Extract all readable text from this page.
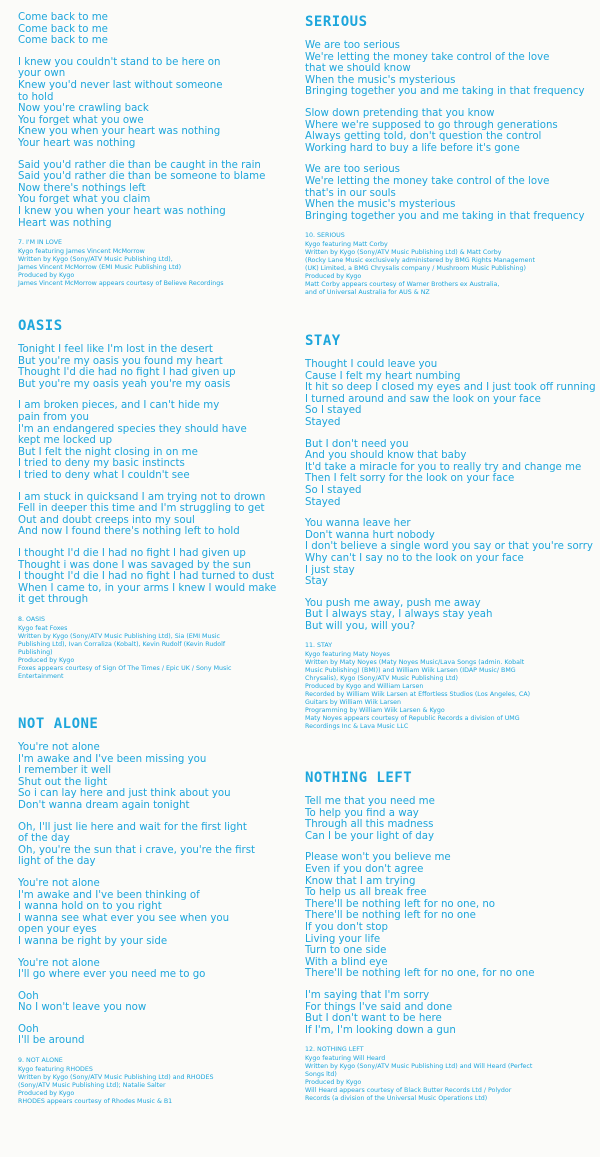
Come back to me
Come back to me
Come back to me
I knew you couldn't stand to be here on
your own
Knew you'd never last without someone
to hold
Now you're crawling back
You forget what you owe
Knew you when your heart was nothing
Your heart was nothing
Said you'd rather die than be caught in the rain
Said you'd rather die than be someone to blame
Now there's nothings left
You forget what you claim
I knew you when your heart was nothing
Heart was nothing
7. I'M IN LOVE
Kygo featuring James Vincent McMorrow
Written by Kygo (Sony/ATV Music Publishing Ltd),
James Vincent McMorrow (EMI Music Publishing Ltd)
Produced by Kygo
James Vincent McMorrow appears courtesy of Believe Recordings
OASIS
Tonight I feel like I'm lost in the desert
But you're my oasis you found my heart
Thought I'd die had no fight I had given up
But you're my oasis yeah you're my oasis
I am broken pieces, and I can't hide my
pain from you
I'm an endangered species they should have
kept me locked up
But I felt the night closing in on me
I tried to deny my basic instincts
I tried to deny what I couldn't see
I am stuck in quicksand I am trying not to drown
Fell in deeper this time and I'm struggling to get
Out and doubt creeps into my soul
And now I found there's nothing left to hold
I thought I'd die I had no fight I had given up
Thought i was done I was savaged by the sun
I thought I'd die I had no fight I had turned to dust
When I came to, in your arms I knew I would make
it get through
8. OASIS
Kygo feat Foxes
Written by Kygo (Sony/ATV Music Publishing Ltd), Sia (EMI Music
Publishing Ltd), Ivan Corraliza (Kobalt), Kevin Rudolf (Kevin Rudolf
Publishing)
Produced by Kygo
Foxes appears courtesy of Sign Of The Times / Epic UK / Sony Music
Entertainment
NOT ALONE
You're not alone
I'm awake and I've been missing you
I remember it well
Shut out the light
So i can lay here and just think about you
Don't wanna dream again tonight
Oh, I'll just lie here and wait for the first light
of the day
Oh, you're the sun that i crave, you're the first
light of the day
You're not alone
I'm awake and I've been thinking of
I wanna hold on to you right
I wanna see what ever you see when you
open your eyes
I wanna be right by your side
You're not alone
I'll go where ever you need me to go
Ooh
No I won't leave you now
Ooh
I'll be around
9. NOT ALONE
Kygo featuring RHODES
Written by Kygo (Sony/ATV Music Publishing Ltd) and RHODES
(Sony/ATV Music Publishing Ltd); Natalie Salter
Produced by Kygo
RHODES appears courtesy of Rhodes Music & B1
SERIOUS
We are too serious
We're letting the money take control of the love
that we should know
When the music's mysterious
Bringing together you and me taking in that frequency
Slow down pretending that you know
Where we're supposed to go through generations
Always getting told, don't question the control
Working hard to buy a life before it's gone
We are too serious
We're letting the money take control of the love
that's in our souls
When the music's mysterious
Bringing together you and me taking in that frequency
10. SERIOUS
Kygo featuring Matt Corby
Written by Kygo (Sony/ATV Music Publishing Ltd) & Matt Corby
(Rocky Lane Music exclusively administered by BMG Rights Management
(UK) Limited, a BMG Chrysalis company / Mushroom Music Publishing)
Produced by Kygo
Matt Corby appears courtesy of Warner Brothers ex Australia,
and of Universal Australia for AUS & NZ
STAY
Thought I could leave you
Cause I felt my heart numbing
It hit so deep I closed my eyes and I just took off running
I turned around and saw the look on your face
So I stayed
Stayed
But I don't need you
And you should know that baby
It'd take a miracle for you to really try and change me
Then I felt sorry for the look on your face
So I stayed
Stayed
You wanna leave her
Don't wanna hurt nobody
I don't believe a single word you say or that you're sorry
Why can't I say no to the look on your face
I just stay
Stay
You push me away, push me away
But I always stay, I always stay yeah
But will you, will you?
11. STAY
Kygo featuring Maty Noyes
Written by Maty Noyes (Maty Noyes Music/Lava Songs (admin. Kobalt
Music Publishing) (BMI)) and William Wiik Larsen (IDAP Music/ BMG
Chrysalis), Kygo (Sony/ATV Music Publishing Ltd)
Produced by Kygo and William Larsen
Recorded by William Wiik Larsen at Effortless Studios (Los Angeles, CA)
Guitars by William Wiik Larsen
Programming by William Wiik Larsen & Kygo
Maty Noyes appears courtesy of Republic Records a division of UMG
Recordings Inc & Lava Music LLC
NOTHING LEFT
Tell me that you need me
To help you find a way
Through all this madness
Can I be your light of day
Please won't you believe me
Even if you don't agree
Know that I am trying
To help us all break free
There'll be nothing left for no one, no
There'll be nothing left for no one
If you don't stop
Living your life
Turn to one side
With a blind eye
There'll be nothing left for no one, for no one
I'm saying that I'm sorry
For things I've said and done
But I don't want to be here
If I'm, I'm looking down a gun
12. NOTHING LEFT
Kygo featuring Will Heard
Written by Kygo (Sony/ATV Music Publishing Ltd) and Will Heard (Perfect
Songs ltd)
Produced by Kygo
Will Heard appears courtesy of Black Butter Records Ltd / Polydor
Records (a division of the Universal Music Operations Ltd)
